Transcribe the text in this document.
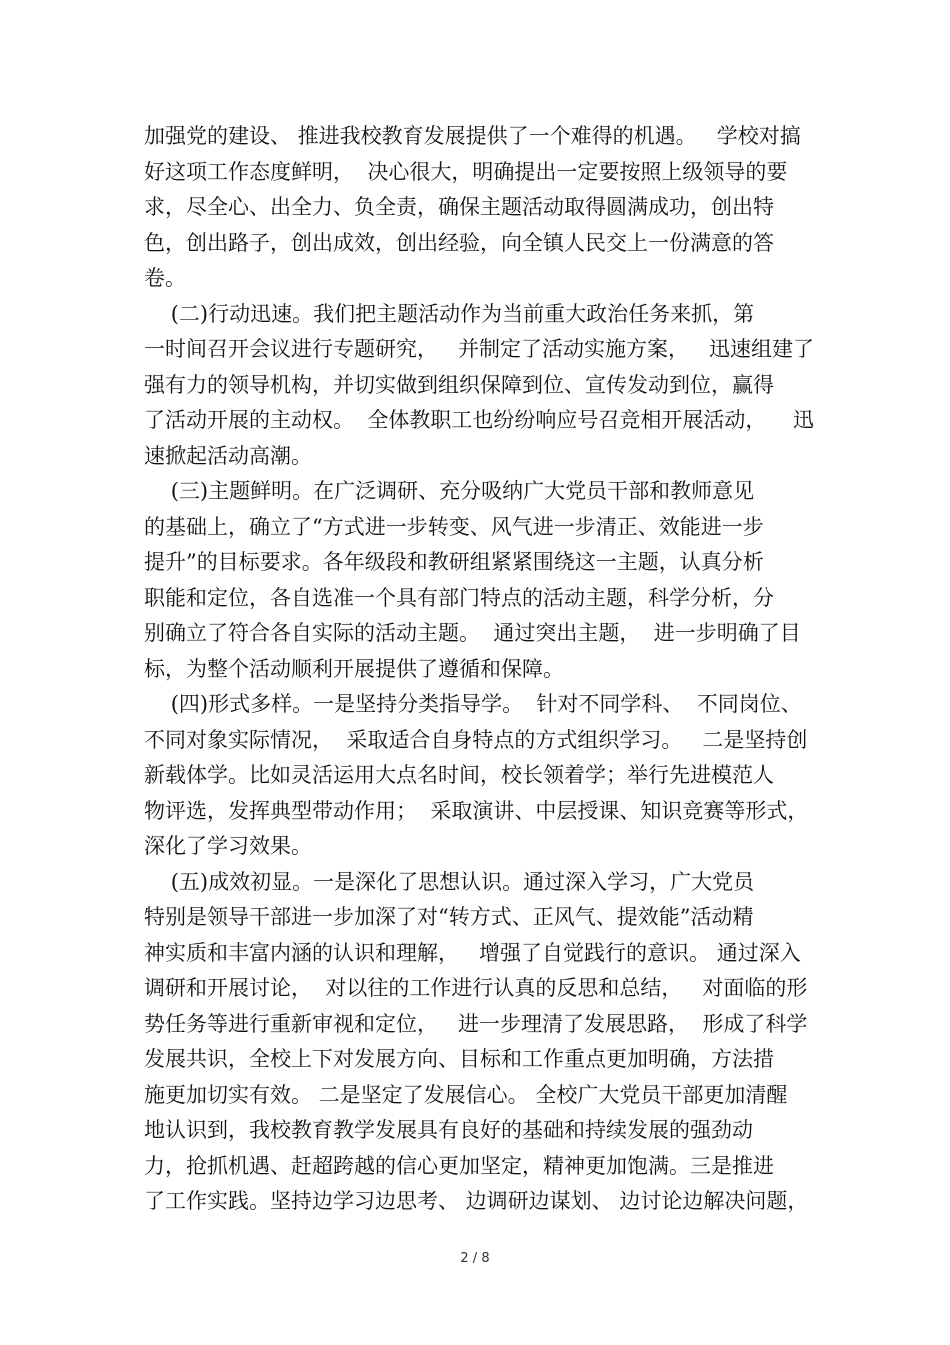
加强党的建设、 推进我校教育发展提供了一个难得的机遇。   学校对搞
好这项工作态度鲜明，  决心很大，明确提出一定要按照上级领导的要
求，尽全心、出全力、负全责，确保主题活动取得圆满成功，创出特
色，创出路子，创出成效，创出经验，向全镇人民交上一份满意的答
卷。
(二)行动迅速。我们把主题活动作为当前重大政治任务来抓，第
一时间召开会议进行专题研究，   并制定了活动实施方案，   迅速组建了
强有力的领导机构，并切实做到组织保障到位、宣传发动到位，赢得
了活动开展的主动权。  全体教职工也纷纷响应号召竞相开展活动，    迅
速掀起活动高潮。
(三)主题鲜明。在广泛调研、充分吸纳广大党员干部和教师意见
的基础上，确立了“方式进一步转变、风气进一步清正、效能进一步
提升”的目标要求。各年级段和教研组紧紧围绕这一主题，认真分析
职能和定位，各自选准一个具有部门特点的活动主题，科学分析，分
别确立了符合各自实际的活动主题。  通过突出主题，  进一步明确了目
标，为整个活动顺利开展提供了遵循和保障。
(四)形式多样。一是坚持分类指导学。  针对不同学科、  不同岗位、
不同对象实际情况，  采取适合自身特点的方式组织学习。   二是坚持创
新载体学。比如灵活运用大点名时间，校长领着学；举行先进模范人
物评选，发挥典型带动作用；  采取演讲、中层授课、知识竞赛等形式，
深化了学习效果。
(五)成效初显。一是深化了思想认识。通过深入学习，广大党员
特别是领导干部进一步加深了对“转方式、正风气、提效能”活动精
神实质和丰富内涵的认识和理解，   增强了自觉践行的意识。 通过深入
调研和开展讨论，  对以往的工作进行认真的反思和总结，   对面临的形
势任务等进行重新审视和定位，   进一步理清了发展思路，  形成了科学
发展共识，全校上下对发展方向、目标和工作重点更加明确，方法措
施更加切实有效。 二是坚定了发展信心。 全校广大党员干部更加清醒
地认识到，我校教育教学发展具有良好的基础和持续发展的强劲动
力，抢抓机遇、赶超跨越的信心更加坚定，精神更加饱满。三是推进
了工作实践。坚持边学习边思考、 边调研边谋划、 边讨论边解决问题，
2 / 8
